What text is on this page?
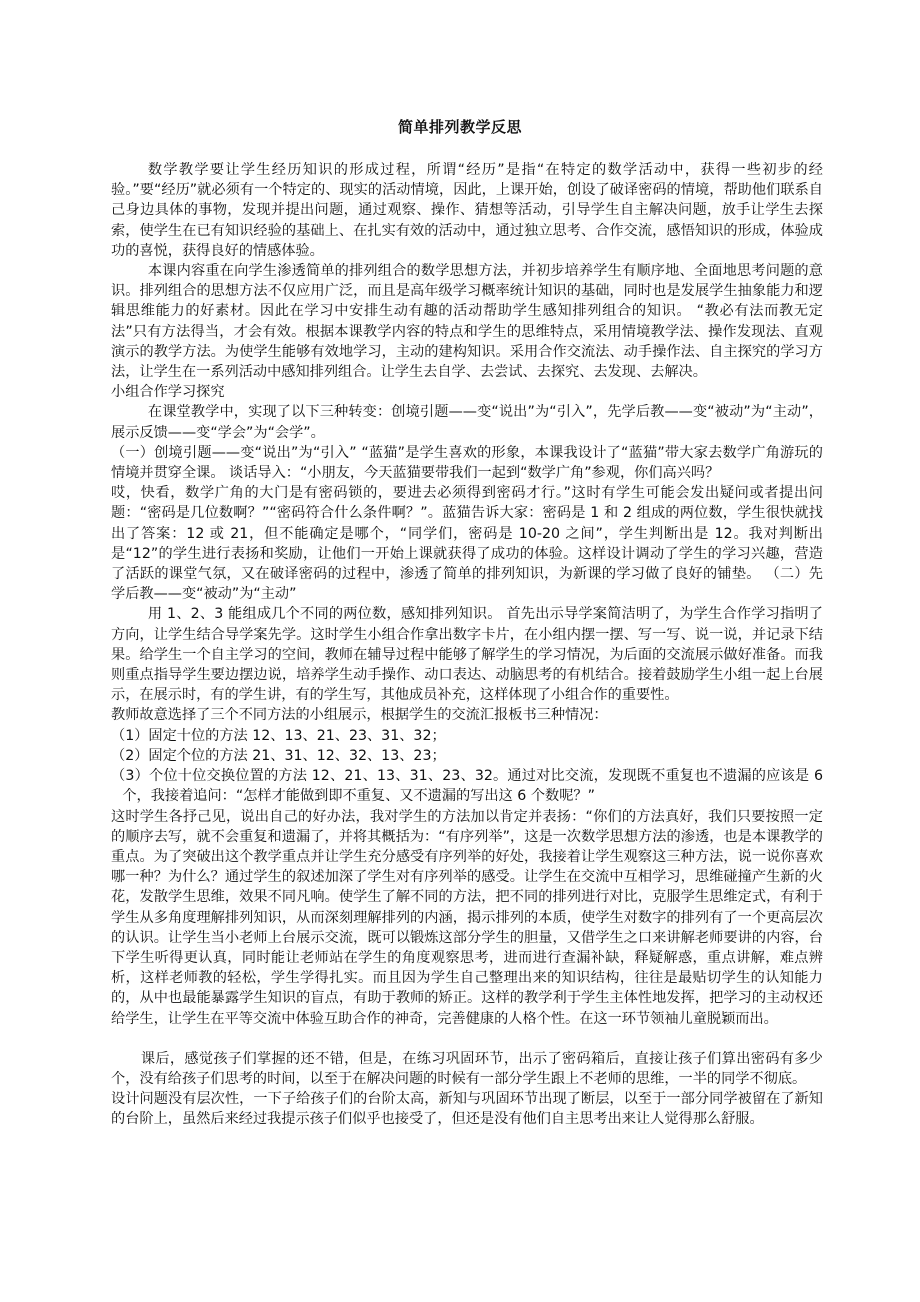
简单排列教学反思

数学教学要让学生经历知识的形成过程，所谓“经历”是指“在特定的数学活动中，获得一些初步的经验。”要“经历”就必须有一个特定的、现实的活动情境，因此，上课开始，创设了破译密码的情境，帮助他们联系自己身边具体的事物，发现并提出问题，通过观察、操作、猜想等活动，引导学生自主解决问题，放手让学生去探索，使学生在已有知识经验的基础上、在扎实有效的活动中，通过独立思考、合作交流，感悟知识的形成，体验成功的喜悦，获得良好的情感体验。

本课内容重在向学生渗透简单的排列组合的数学思想方法，并初步培养学生有顺序地、全面地思考问题的意识。排列组合的思想方法不仅应用广泛，而且是高年级学习概率统计知识的基础，同时也是发展学生抽象能力和逻辑思维能力的好素材。因此在学习中安排生动有趣的活动帮助学生感知排列组合的知识。 “教必有法而教无定法”只有方法得当，才会有效。根据本课教学内容的特点和学生的思维特点，采用情境教学法、操作发现法、直观演示的教学方法。为使学生能够有效地学习，主动的建构知识。采用合作交流法、动手操作法、自主探究的学习方法，让学生在一系列活动中感知排列组合。让学生去自学、去尝试、去探究、去发现、去解决。

小组合作学习探究

在课堂教学中，实现了以下三种转变：创境引题——变“说出”为“引入”，先学后教——变“被动”为“主动”，展示反馈——变“学会”为“会学”。

（一）创境引题——变“说出”为“引入” “蓝猫”是学生喜欢的形象，本课我设计了“蓝猫”带大家去数学广角游玩的情境并贯穿全课。 谈话导入：“小朋友，今天蓝猫要带我们一起到“数学广角”参观，你们高兴吗？

哎，快看，数学广角的大门是有密码锁的，要进去必须得到密码才行。”这时有学生可能会发出疑问或者提出问题：“密码是几位数啊？”“密码符合什么条件啊？”。蓝猫告诉大家：密码是 1 和 2 组成的两位数，学生很快就找出了答案：12 或 21，但不能确定是哪个，“同学们，密码是 10-20 之间”，学生判断出是 12。我对判断出是“12”的学生进行表扬和奖励，让他们一开始上课就获得了成功的体验。这样设计调动了学生的学习兴趣，营造了活跃的课堂气氛，又在破译密码的过程中，渗透了简单的排列知识，为新课的学习做了良好的铺垫。 （二）先学后教——变“被动”为“主动”

用 1、2、3 能组成几个不同的两位数，感知排列知识。 首先出示导学案简洁明了，为学生合作学习指明了方向，让学生结合导学案先学。这时学生小组合作拿出数字卡片，在小组内摆一摆、写一写、说一说，并记录下结果。给学生一个自主学习的空间，教师在辅导过程中能够了解学生的学习情况，为后面的交流展示做好准备。而我则重点指导学生要边摆边说，培养学生动手操作、动口表达、动脑思考的有机结合。接着鼓励学生小组一起上台展示，在展示时，有的学生讲，有的学生写，其他成员补充，这样体现了小组合作的重要性。

教师故意选择了三个不同方法的小组展示，根据学生的交流汇报板书三种情况：

（1）固定十位的方法 12、13、21、23、31、32；

（2）固定个位的方法 21、31、12、32、13、23；

（3）个位十位交换位置的方法 12、21、13、31、23、32。通过对比交流，发现既不重复也不遗漏的应该是 6 个，我接着追问：“怎样才能做到即不重复、又不遗漏的写出这 6 个数呢？”

这时学生各抒己见，说出自己的好办法，我对学生的方法加以肯定并表扬：“你们的方法真好，我们只要按照一定的顺序去写，就不会重复和遗漏了，并将其概括为：“有序列举”，这是一次数学思想方法的渗透，也是本课教学的重点。为了突破出这个教学重点并让学生充分感受有序列举的好处，我接着让学生观察这三种方法，说一说你喜欢哪一种？为什么？通过学生的叙述加深了学生对有序列举的感受。让学生在交流中互相学习，思维碰撞产生新的火花，发散学生思维，效果不同凡响。使学生了解不同的方法，把不同的排列进行对比，克服学生思维定式，有利于学生从多角度理解排列知识，从而深刻理解排列的内涵，揭示排列的本质，使学生对数字的排列有了一个更高层次的认识。让学生当小老师上台展示交流，既可以锻炼这部分学生的胆量，又借学生之口来讲解老师要讲的内容，台下学生听得更认真，同时能让老师站在学生的角度观察思考，进而进行查漏补缺，释疑解惑，重点讲解，难点辨析，这样老师教的轻松，学生学得扎实。而且因为学生自己整理出来的知识结构，往往是最贴切学生的认知能力的，从中也最能暴露学生知识的盲点，有助于教师的矫正。这样的教学利于学生主体性地发挥，把学习的主动权还给学生，让学生在平等交流中体验互助合作的神奇，完善健康的人格个性。在这一环节领袖儿童脱颖而出。

课后，感觉孩子们掌握的还不错，但是，在练习巩固环节，出示了密码箱后，直接让孩子们算出密码有多少个，没有给孩子们思考的时间，以至于在解决问题的时候有一部分学生跟上不老师的思维，一半的同学不彻底。

设计问题没有层次性，一下子给孩子们的台阶太高，新知与巩固环节出现了断层，以至于一部分同学被留在了新知的台阶上，虽然后来经过我提示孩子们似乎也接受了，但还是没有他们自主思考出来让人觉得那么舒服。
